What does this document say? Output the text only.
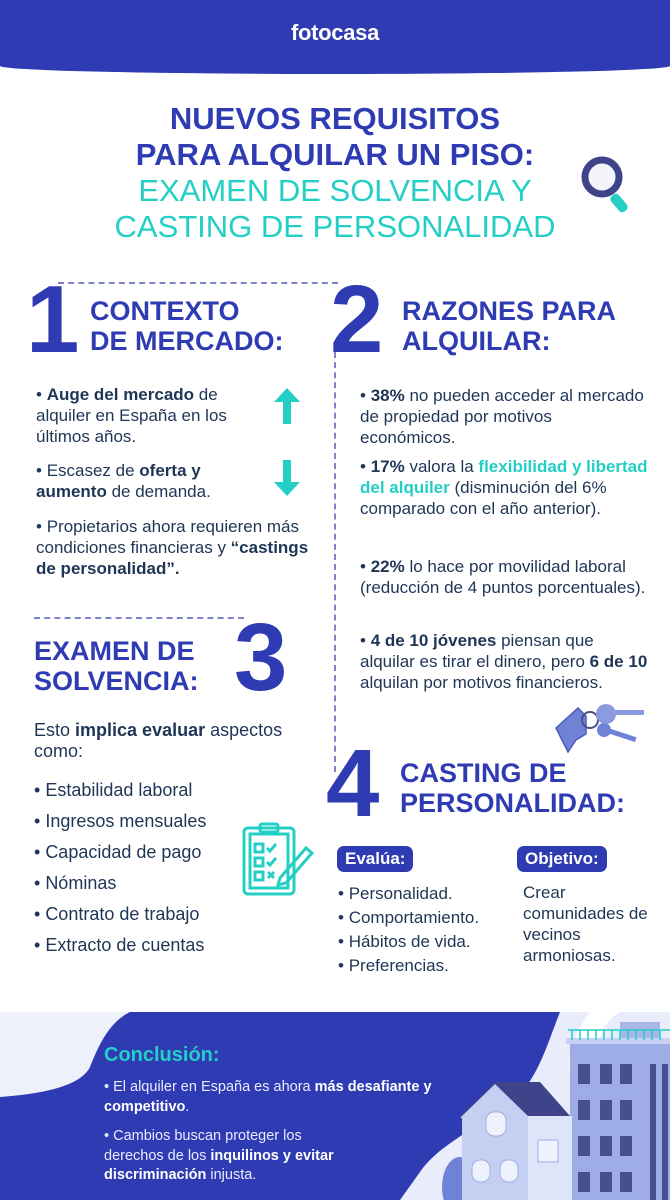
fotocasa
NUEVOS REQUISITOS
PARA ALQUILAR UN PISO:
EXAMEN DE SOLVENCIA Y
CASTING DE PERSONALIDAD
1 CONTEXTO
DE MERCADO:
• Auge del mercado de alquiler en España en los últimos años.
• Escasez de oferta y aumento de demanda.
• Propietarios ahora requieren más condiciones financieras y “castings de personalidad”.
2 RAZONES PARA
ALQUILAR:
• 38% no pueden acceder al mercado de propiedad por motivos económicos.
• 17% valora la flexibilidad y libertad del alquiler (disminución del 6% comparado con el año anterior).
• 22% lo hace por movilidad laboral (reducción de 4 puntos porcentuales).
• 4 de 10 jóvenes piensan que alquilar es tirar el dinero, pero 6 de 10 alquilan por motivos financieros.
EXAMEN DE
SOLVENCIA: 3
Esto implica evaluar aspectos como:
• Estabilidad laboral
• Ingresos mensuales
• Capacidad de pago
• Nóminas
• Contrato de trabajo
• Extracto de cuentas
4 CASTING DE
PERSONALIDAD:
Evalúa:	Objetivo:
• Personalidad.
• Comportamiento.
• Hábitos de vida.
• Preferencias.
Crear comunidades de vecinos armoniosas.
Conclusión:
• El alquiler en España es ahora más desafiante y competitivo.
• Cambios buscan proteger los derechos de los inquilinos y evitar discriminación injusta.
